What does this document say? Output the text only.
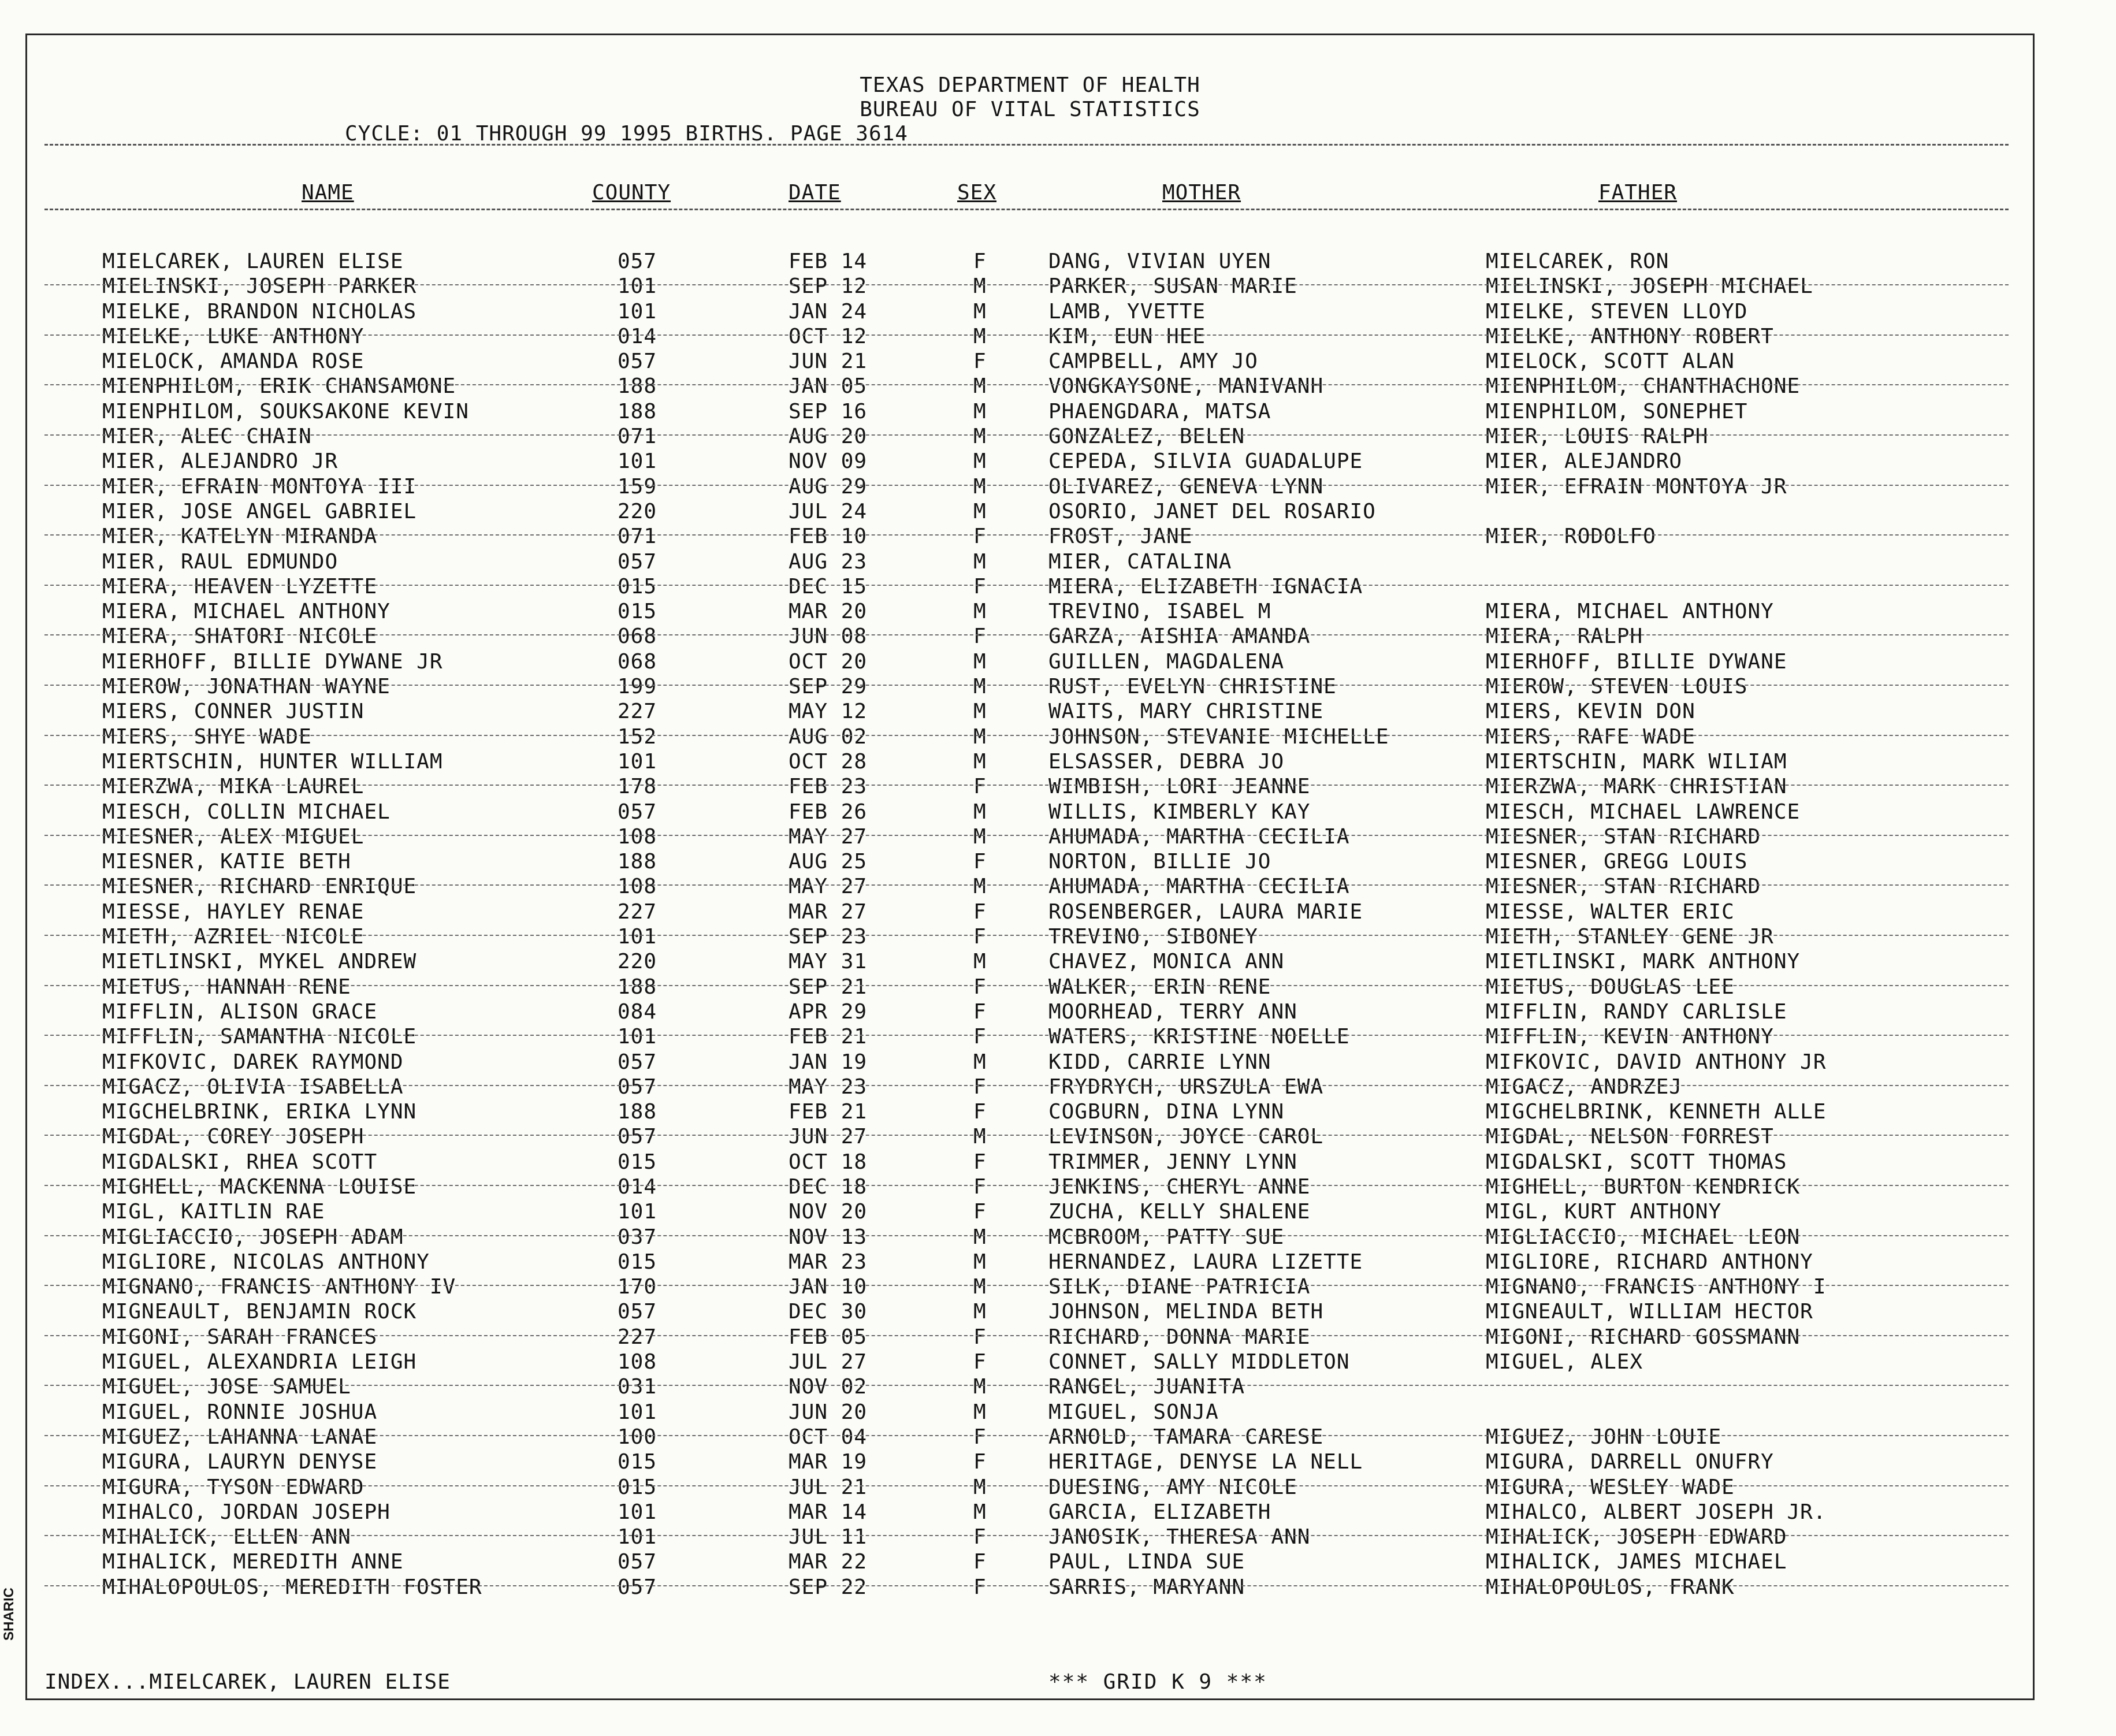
TEXAS DEPARTMENT OF HEALTH
BUREAU OF VITAL STATISTICS
CYCLE: 01 THROUGH 99 1995 BIRTHS. PAGE 3614
NAME	COUNTY	DATE	SEX	MOTHER	FATHER
MIELCAREK, LAUREN ELISE	057	FEB 14	F	DANG, VIVIAN UYEN	MIELCAREK, RON
MIELINSKI, JOSEPH PARKER	101	SEP 12	M	PARKER, SUSAN MARIE	MIELINSKI, JOSEPH MICHAEL
MIELKE, BRANDON NICHOLAS	101	JAN 24	M	LAMB, YVETTE	MIELKE, STEVEN LLOYD
MIELKE, LUKE ANTHONY	014	OCT 12	M	KIM, EUN HEE	MIELKE, ANTHONY ROBERT
MIELOCK, AMANDA ROSE	057	JUN 21	F	CAMPBELL, AMY JO	MIELOCK, SCOTT ALAN
MIENPHILOM, ERIK CHANSAMONE	188	JAN 05	M	VONGKAYSONE, MANIVANH	MIENPHILOM, CHANTHACHONE
MIENPHILOM, SOUKSAKONE KEVIN	188	SEP 16	M	PHAENGDARA, MATSA	MIENPHILOM, SONEPHET
MIER, ALEC CHAIN	071	AUG 20	M	GONZALEZ, BELEN	MIER, LOUIS RALPH
MIER, ALEJANDRO JR	101	NOV 09	M	CEPEDA, SILVIA GUADALUPE	MIER, ALEJANDRO
MIER, EFRAIN MONTOYA III	159	AUG 29	M	OLIVAREZ, GENEVA LYNN	MIER, EFRAIN MONTOYA JR
MIER, JOSE ANGEL GABRIEL	220	JUL 24	M	OSORIO, JANET DEL ROSARIO
MIER, KATELYN MIRANDA	071	FEB 10	F	FROST, JANE	MIER, RODOLFO
MIER, RAUL EDMUNDO	057	AUG 23	M	MIER, CATALINA
MIERA, HEAVEN LYZETTE	015	DEC 15	F	MIERA, ELIZABETH IGNACIA
MIERA, MICHAEL ANTHONY	015	MAR 20	M	TREVINO, ISABEL M	MIERA, MICHAEL ANTHONY
MIERA, SHATORI NICOLE	068	JUN 08	F	GARZA, AISHIA AMANDA	MIERA, RALPH
MIERHOFF, BILLIE DYWANE JR	068	OCT 20	M	GUILLEN, MAGDALENA	MIERHOFF, BILLIE DYWANE
MIEROW, JONATHAN WAYNE	199	SEP 29	M	RUST, EVELYN CHRISTINE	MIEROW, STEVEN LOUIS
MIERS, CONNER JUSTIN	227	MAY 12	M	WAITS, MARY CHRISTINE	MIERS, KEVIN DON
MIERS, SHYE WADE	152	AUG 02	M	JOHNSON, STEVANIE MICHELLE	MIERS, RAFE WADE
MIERTSCHIN, HUNTER WILLIAM	101	OCT 28	M	ELSASSER, DEBRA JO	MIERTSCHIN, MARK WILIAM
MIERZWA, MIKA LAUREL	178	FEB 23	F	WIMBISH, LORI JEANNE	MIERZWA, MARK CHRISTIAN
MIESCH, COLLIN MICHAEL	057	FEB 26	M	WILLIS, KIMBERLY KAY	MIESCH, MICHAEL LAWRENCE
MIESNER, ALEX MIGUEL	108	MAY 27	M	AHUMADA, MARTHA CECILIA	MIESNER, STAN RICHARD
MIESNER, KATIE BETH	188	AUG 25	F	NORTON, BILLIE JO	MIESNER, GREGG LOUIS
MIESNER, RICHARD ENRIQUE	108	MAY 27	M	AHUMADA, MARTHA CECILIA	MIESNER, STAN RICHARD
MIESSE, HAYLEY RENAE	227	MAR 27	F	ROSENBERGER, LAURA MARIE	MIESSE, WALTER ERIC
MIETH, AZRIEL NICOLE	101	SEP 23	F	TREVINO, SIBONEY	MIETH, STANLEY GENE JR
MIETLINSKI, MYKEL ANDREW	220	MAY 31	M	CHAVEZ, MONICA ANN	MIETLINSKI, MARK ANTHONY
MIETUS, HANNAH RENE	188	SEP 21	F	WALKER, ERIN RENE	MIETUS, DOUGLAS LEE
MIFFLIN, ALISON GRACE	084	APR 29	F	MOORHEAD, TERRY ANN	MIFFLIN, RANDY CARLISLE
MIFFLIN, SAMANTHA NICOLE	101	FEB 21	F	WATERS, KRISTINE NOELLE	MIFFLIN, KEVIN ANTHONY
MIFKOVIC, DAREK RAYMOND	057	JAN 19	M	KIDD, CARRIE LYNN	MIFKOVIC, DAVID ANTHONY JR
MIGACZ, OLIVIA ISABELLA	057	MAY 23	F	FRYDRYCH, URSZULA EWA	MIGACZ, ANDRZEJ
MIGCHELBRINK, ERIKA LYNN	188	FEB 21	F	COGBURN, DINA LYNN	MIGCHELBRINK, KENNETH ALLE
MIGDAL, COREY JOSEPH	057	JUN 27	M	LEVINSON, JOYCE CAROL	MIGDAL, NELSON FORREST
MIGDALSKI, RHEA SCOTT	015	OCT 18	F	TRIMMER, JENNY LYNN	MIGDALSKI, SCOTT THOMAS
MIGHELL, MACKENNA LOUISE	014	DEC 18	F	JENKINS, CHERYL ANNE	MIGHELL, BURTON KENDRICK
MIGL, KAITLIN RAE	101	NOV 20	F	ZUCHA, KELLY SHALENE	MIGL, KURT ANTHONY
MIGLIACCIO, JOSEPH ADAM	037	NOV 13	M	MCBROOM, PATTY SUE	MIGLIACCIO, MICHAEL LEON
MIGLIORE, NICOLAS ANTHONY	015	MAR 23	M	HERNANDEZ, LAURA LIZETTE	MIGLIORE, RICHARD ANTHONY
MIGNANO, FRANCIS ANTHONY IV	170	JAN 10	M	SILK, DIANE PATRICIA	MIGNANO, FRANCIS ANTHONY I
MIGNEAULT, BENJAMIN ROCK	057	DEC 30	M	JOHNSON, MELINDA BETH	MIGNEAULT, WILLIAM HECTOR
MIGONI, SARAH FRANCES	227	FEB 05	F	RICHARD, DONNA MARIE	MIGONI, RICHARD GOSSMANN
MIGUEL, ALEXANDRIA LEIGH	108	JUL 27	F	CONNET, SALLY MIDDLETON	MIGUEL, ALEX
MIGUEL, JOSE SAMUEL	031	NOV 02	M	RANGEL, JUANITA
MIGUEL, RONNIE JOSHUA	101	JUN 20	M	MIGUEL, SONJA
MIGUEZ, LAHANNA LANAE	100	OCT 04	F	ARNOLD, TAMARA CARESE	MIGUEZ, JOHN LOUIE
MIGURA, LAURYN DENYSE	015	MAR 19	F	HERITAGE, DENYSE LA NELL	MIGURA, DARRELL ONUFRY
MIGURA, TYSON EDWARD	015	JUL 21	M	DUESING, AMY NICOLE	MIGURA, WESLEY WADE
MIHALCO, JORDAN JOSEPH	101	MAR 14	M	GARCIA, ELIZABETH	MIHALCO, ALBERT JOSEPH JR.
MIHALICK, ELLEN ANN	101	JUL 11	F	JANOSIK, THERESA ANN	MIHALICK, JOSEPH EDWARD
MIHALICK, MEREDITH ANNE	057	MAR 22	F	PAUL, LINDA SUE	MIHALICK, JAMES MICHAEL
MIHALOPOULOS, MEREDITH FOSTER	057	SEP 22	F	SARRIS, MARYANN	MIHALOPOULOS, FRANK
INDEX...MIELCAREK, LAUREN ELISE	*** GRID K 9 ***
SHARIC
